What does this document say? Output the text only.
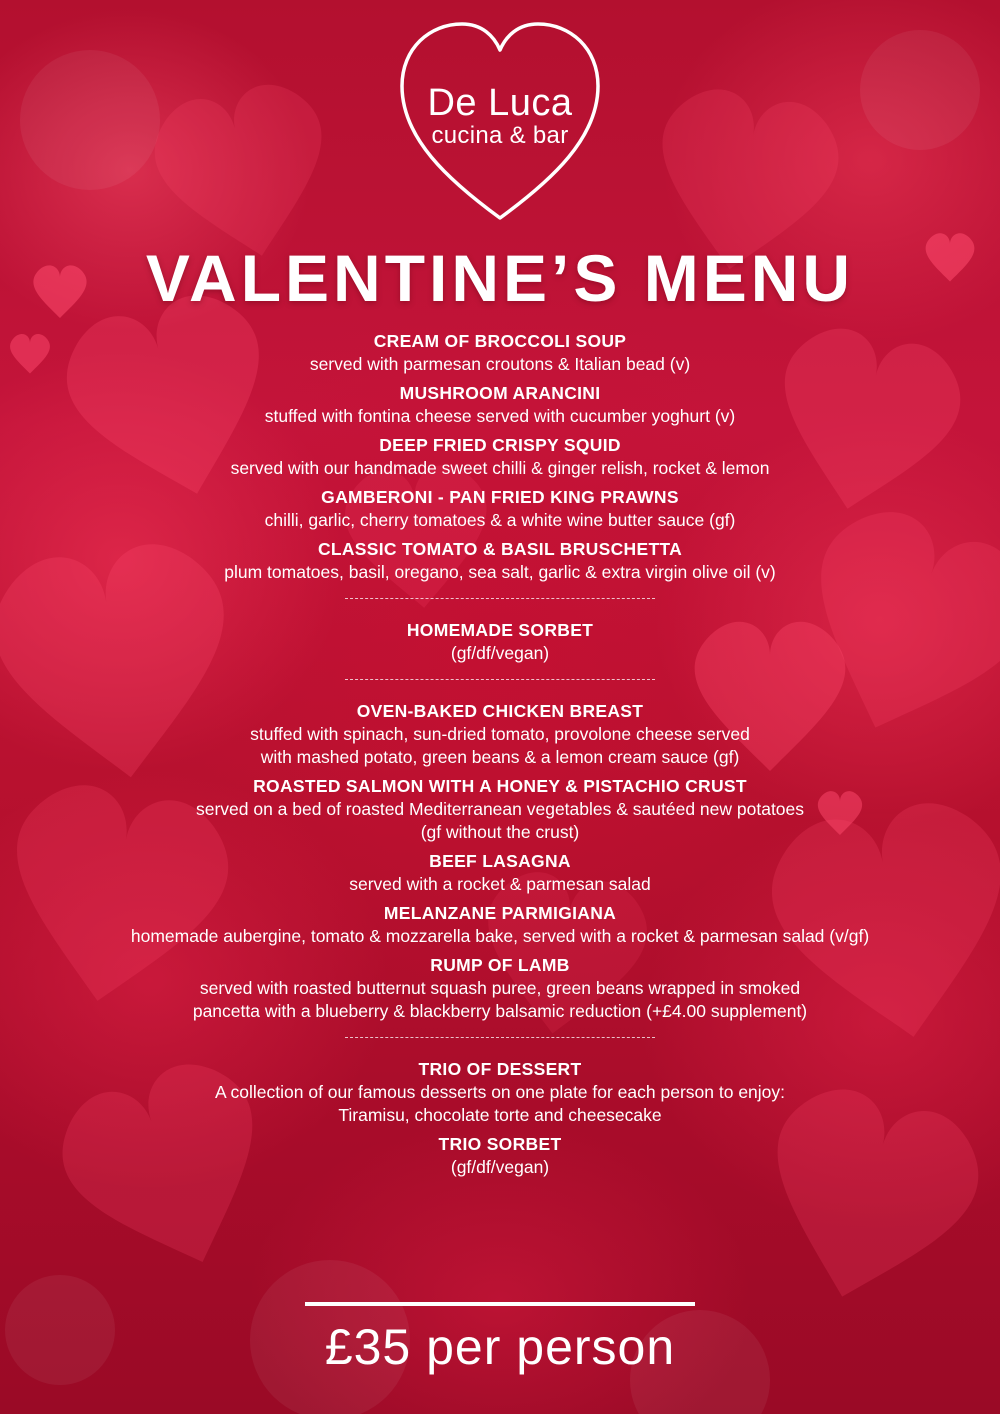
De Luca
cucina & bar
VALENTINE’S MENU
CREAM OF BROCCOLI SOUP
served with parmesan croutons & Italian bead (v)
MUSHROOM ARANCINI
stuffed with fontina cheese served with cucumber yoghurt (v)
DEEP FRIED CRISPY SQUID
served with our handmade sweet chilli & ginger relish, rocket & lemon
GAMBERONI - PAN FRIED KING PRAWNS
chilli, garlic, cherry tomatoes & a white wine butter sauce (gf)
CLASSIC TOMATO & BASIL BRUSCHETTA
plum tomatoes, basil, oregano, sea salt, garlic & extra virgin olive oil (v)
HOMEMADE SORBET
(gf/df/vegan)
OVEN-BAKED CHICKEN BREAST
stuffed with spinach, sun-dried tomato, provolone cheese served
with mashed potato, green beans & a lemon cream sauce (gf)
ROASTED SALMON WITH A HONEY & PISTACHIO CRUST
served on a bed of roasted Mediterranean vegetables & sautéed new potatoes
(gf without the crust)
BEEF LASAGNA
served with a rocket & parmesan salad
MELANZANE PARMIGIANA
homemade aubergine, tomato & mozzarella bake, served with a rocket & parmesan salad (v/gf)
RUMP OF LAMB
served with roasted butternut squash puree, green beans wrapped in smoked
pancetta with a blueberry & blackberry balsamic reduction (+£4.00 supplement)
TRIO OF DESSERT
A collection of our famous desserts on one plate for each person to enjoy:
Tiramisu, chocolate torte and cheesecake
TRIO SORBET
(gf/df/vegan)
£35 per person
